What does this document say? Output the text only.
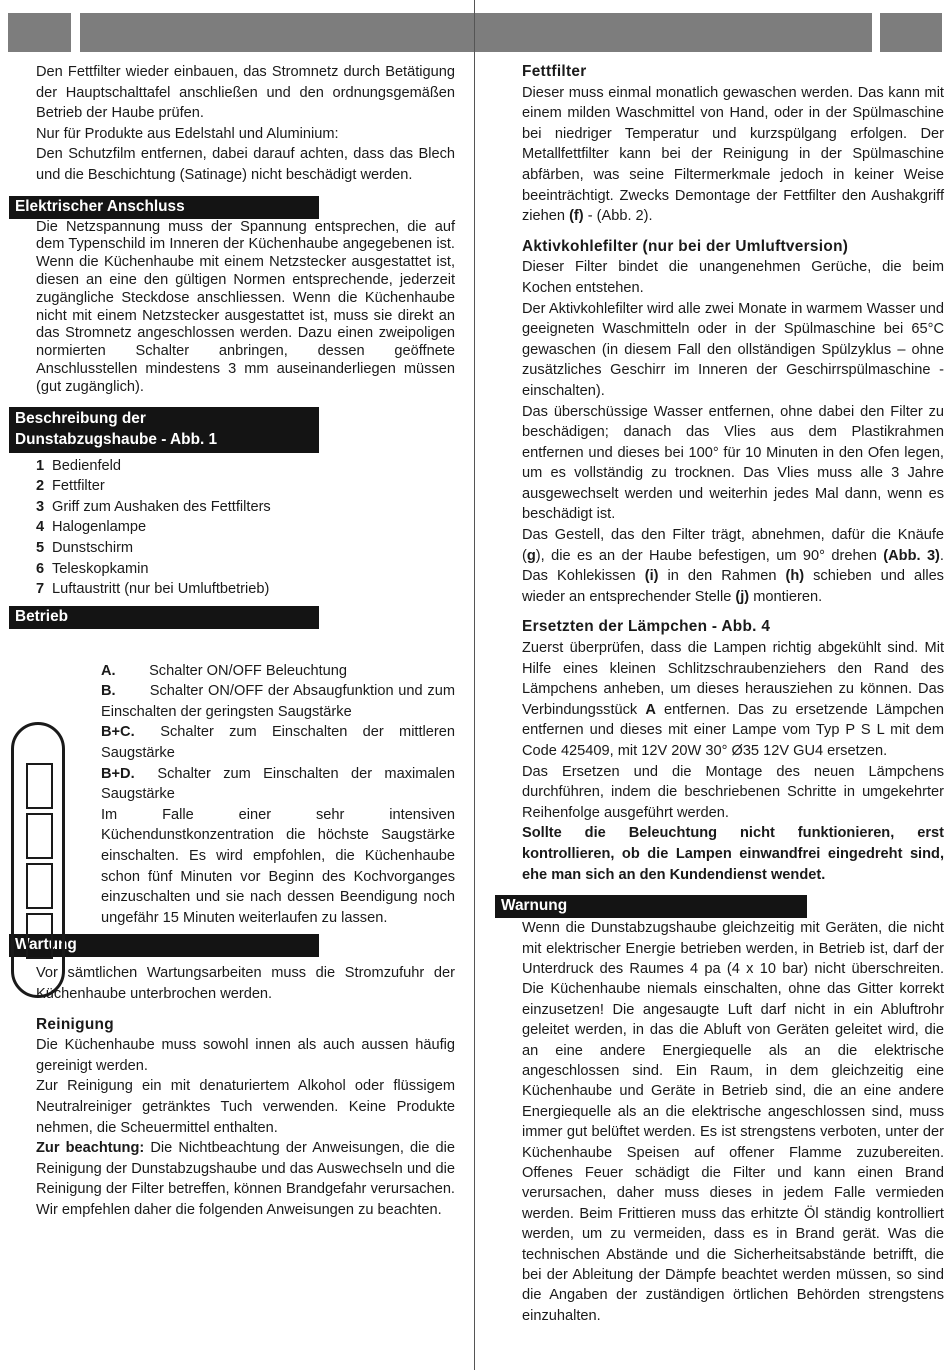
Den Fettfilter wieder einbauen, das Stromnetz durch Betätigung der Hauptschalttafel anschließen und den ordnungsgemäßen Betrieb der Haube prüfen.

Nur für Produkte aus Edelstahl und Aluminium:

Den Schutzfilm entfernen, dabei darauf achten, dass das Blech und die Beschichtung (Satinage) nicht beschädigt werden.

Elektrischer Anschluss

Die Netzspannung muss der Spannung entsprechen, die auf dem Typenschild im Inneren der Küchenhaube angegebenen ist. Wenn die Küchenhaube mit einem Netzstecker ausgestattet ist, diesen an eine den gültigen Normen entsprechende, jederzeit zugängliche Steckdose anschliessen. Wenn die Küchenhaube nicht mit einem Netzstecker ausgestattet ist, muss sie direkt an das Stromnetz angeschlossen werden. Dazu einen zweipoligen normierten Schalter anbringen, dessen geöffnete Anschlusstellen mindestens 3 mm auseinanderliegen müssen (gut zugänglich).

Beschreibung der
Dunstabzugshaube - Abb. 1
1 Bedienfeld
2 Fettfilter
3 Griff zum Aushaken des Fettfilters
4 Halogenlampe
5 Dunstschirm
6 Teleskopkamin
7 Luftaustritt (nur bei Umluftbetrieb)
Betrieb

A. Schalter ON/OFF Beleuchtung

B. Schalter ON/OFF der Absaugfunktion und zum Einschalten der geringsten Saugstärke

B+C. Schalter zum Einschalten der mittleren Saugstärke

B+D. Schalter zum Einschalten der maximalen Saugstärke

Im Falle einer sehr intensiven Küchendunstkonzentration die höchste Saugstärke einschalten. Es wird empfohlen, die Küchenhaube schon fünf Minuten vor Beginn des Kochvorganges einzuschalten und sie nach dessen Beendigung noch ungefähr 15 Minuten weiterlaufen zu lassen.

Wartung

Vor sämtlichen Wartungsarbeiten muss die Stromzufuhr der Küchenhaube unterbrochen werden.

Reinigung

Die Küchenhaube muss sowohl innen als auch aussen häufig gereinigt werden.

Zur Reinigung ein mit denaturiertem Alkohol oder flüssigem Neutralreiniger getränktes Tuch verwenden. Keine Produkte nehmen, die Scheuermittel enthalten.

Zur beachtung: Die Nichtbeachtung der Anweisungen, die die Reinigung der Dunstabzugshaube und das Auswechseln und die Reinigung der Filter betreffen, können Brandgefahr verursachen. Wir empfehlen daher die folgenden Anweisungen zu beachten.

Fettfilter

Dieser muss einmal monatlich gewaschen werden. Das kann mit einem milden Waschmittel von Hand, oder in der Spülmaschine bei niedriger Temperatur und kurzspülgang erfolgen. Der Metallfettfilter kann bei der Reinigung in der Spülmaschine abfärben, was seine Filtermerkmale jedoch in keiner Weise beeinträchtigt. Zwecks Demontage der Fettfilter den Aushakgriff ziehen (f) - (Abb. 2).

Aktivkohlefilter (nur bei der Umluftversion)

Dieser Filter bindet die unangenehmen Gerüche, die beim Kochen entstehen.

Der Aktivkohlefilter wird alle zwei Monate in warmem Wasser und geeigneten Waschmitteln oder in der Spülmaschine bei 65°C gewaschen (in diesem Fall den ollständigen Spülzyklus – ohne zusätzliches Geschirr im Inneren der Geschirrspülmaschine - einschalten).

Das überschüssige Wasser entfernen, ohne dabei den Filter zu beschädigen; danach das Vlies aus dem Plastikrahmen entfernen und dieses bei 100° für 10 Minuten in den Ofen legen, um es vollständig zu trocknen. Das Vlies muss alle 3 Jahre ausgewechselt werden und weiterhin jedes Mal dann, wenn es beschädigt ist.

Das Gestell, das den Filter trägt, abnehmen, dafür die Knäufe (g), die es an der Haube befestigen, um 90° drehen (Abb. 3). Das Kohlekissen (i) in den Rahmen (h) schieben und alles wieder an entsprechender Stelle (j) montieren.

Ersetzten der Lämpchen - Abb. 4

Zuerst überprüfen, dass die Lampen richtig abgekühlt sind. Mit Hilfe eines kleinen Schlitzschraubenziehers den Rand des Lämpchens anheben, um dieses herausziehen zu können. Das Verbindungsstück A entfernen. Das zu ersetzende Lämpchen entfernen und dieses mit einer Lampe vom Typ P S L mit dem Code 425409, mit 12V 20W 30° Ø35 12V GU4 ersetzen.

Das Ersetzen und die Montage des neuen Lämpchens durchführen, indem die beschriebenen Schritte in umgekehrter Reihenfolge ausgeführt werden.

Sollte die Beleuchtung nicht funktionieren, erst kontrollieren, ob die Lampen einwandfrei eingedreht sind, ehe man sich an den Kundendienst wendet.

Warnung

Wenn die Dunstabzugshaube gleichzeitig mit Geräten, die nicht mit elektrischer Energie betrieben werden, in Betrieb ist, darf der Unterdruck des Raumes 4 pa (4 x 10 bar) nicht überschreiten. Die Küchenhaube niemals einschalten, ohne das Gitter korrekt einzusetzen! Die angesaugte Luft darf nicht in ein Abluftrohr geleitet werden, in das die Abluft von Geräten geleitet wird, die an eine andere Energiequelle als an die elektrische angeschlossen sind. Ein Raum, in dem gleichzeitig eine Küchenhaube und Geräte in Betrieb sind, die an eine andere Energiequelle als an die elektrische angeschlossen sind, muss immer gut belüftet werden. Es ist strengstens verboten, unter der Küchenhaube Speisen auf offener Flamme zuzubereiten. Offenes Feuer schädigt die Filter und kann einen Brand verursachen, daher muss dieses in jedem Falle vermieden werden. Beim Frittieren muss das erhitzte Öl ständig kontrolliert werden, um zu vermeiden, dass es in Brand gerät. Was die technischen Abstände und die Sicherheitsabstände betrifft, die bei der Ableitung der Dämpfe beachtet werden müssen, so sind die Angaben der zuständigen örtlichen Behörden strengstens einzuhalten.
